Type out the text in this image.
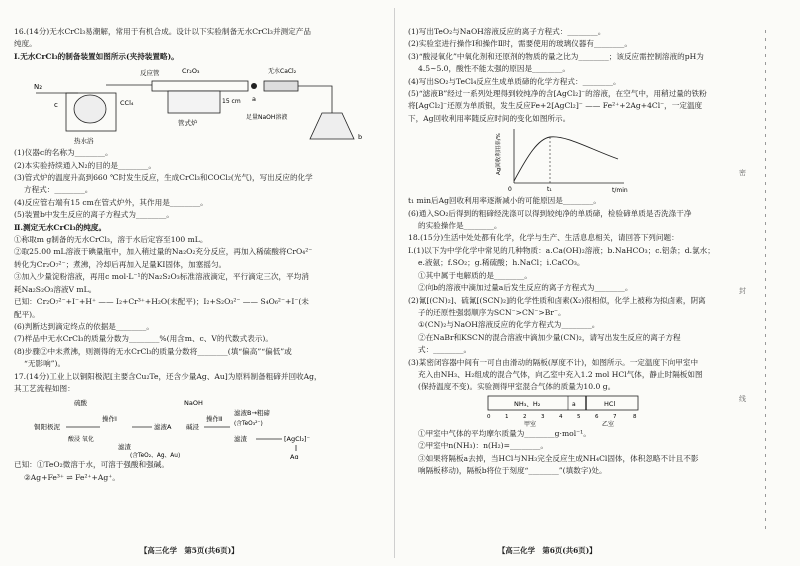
16.(14分)无水CrCl₃易潮解，常用于有机合成。设计以下实验制备无水CrCl₃并测定产品
纯度。
Ⅰ.无水CrCl₃的制备装置如图所示(夹持装置略)。
N₂
CCl₄
c
热水浴
反应管	Cr₂O₃
管式炉
15 cm a
无水CaCl₂
足量NaOH溶液
b
(1)仪器c的名称为________。
(2)本实验持续通入N₂的目的是________。
(3)管式炉的温度升高到660 ℃时发生反应，生成CrCl₃和COCl₂(光气)，写出反应的化学
方程式：________。
(4)反应管右端有15 cm在管式炉外，其作用是________。
(5)装置b中发生反应的离子方程式为________。
Ⅱ.测定无水CrCl₃的纯度。
①称取m g制备的无水CrCl₃，溶于水后定容至100 mL。
②取25.00 mL溶液于碘量瓶中，加入稍过量的Na₂O₂充分反应，再加入稀硫酸将CrO₄²⁻
转化为Cr₂O₇²⁻；煮沸，冷却后再加入足量KI固体，加塞摇匀。
③加入少量淀粉溶液，再用c mol·L⁻¹的Na₂S₂O₃标准溶液滴定，平行滴定三次，平均消
耗Na₂S₂O₃溶液V mL。
已知：Cr₂O₇²⁻+I⁻+H⁺ —— I₂+Cr³⁺+H₂O(未配平)；I₂+S₂O₃²⁻ —— S₄O₆²⁻+I⁻(未
配平)。
(6)判断达到滴定终点的依据是________。
(7)样品中无水CrCl₃的质量分数为________%(用含m、c、V的代数式表示)。
(8)步骤②中未煮沸，则测得的无水CrCl₃的质量分数将________(填“偏高”“偏低”或
“无影响”)。
17.(14分)工业上以铜阳极泥[主要含Cu₂Te，还含少量Ag、Au]为原料制备粗碲并回收Ag，
其工艺流程如图：
铜阳极泥
硫酸
酸浸 氧化
操作Ⅰ
滤液A
滤渣
(含TeO₂、Ag、Au)
NaOH
碱浸
操作Ⅱ
滤液B→粗碲
(含TeO₃²⁻)
滤渣	[AgCl₂]⁻
Ag
已知：①TeO₂微溶于水，可溶于强酸和强碱。
②Ag+Fe³⁺ ⇌ Fe²⁺+Ag⁺。
【高三化学　第5页(共6页)】
(1)写出TeO₂与NaOH溶液反应的离子方程式：________。
(2)实验室进行操作Ⅰ和操作Ⅱ时，需要使用的玻璃仪器有________。
(3)“酸浸氧化”中氧化剂和还原剂的物质的量之比为________；该反应需控制溶液的pH为
4.5~5.0，酸性不能太强的原因是________。
(4)写出SO₂与TeCl₄反应生成单质碲的化学方程式：________。
(5)“滤液B”经过一系列处理得到较纯净的含[AgCl₂]⁻的溶液，在空气中，用稍过量的铁粉
将[AgCl₂]⁻还原为单质银，发生反应Fe+2[AgCl₂]⁻ —— Fe²⁺+2Ag+4Cl⁻，一定温度
下，Ag回收利用率随反应时间的变化如图所示。
Ag回收利用率/%
t/min
0	t₁
t₁ min后Ag回收利用率逐渐减小的可能原因是________。
(6)通入SO₂后得到的粗碲经洗涤可以得到较纯净的单质碲，检验碲单质是否洗涤干净
的实验操作是________。
18.(15分)生活中处处都有化学，化学与生产、生活息息相关，请回答下列问题：
Ⅰ.(1)以下为中学化学中常见的几种物质：a.Ca(OH)₂溶液；b.NaHCO₃；c.铝条；d.氯水；
e.液氨；f.SO₂；g.稀硫酸；h.NaCl；i.CaCO₃。
①其中属于电解质的是________。
②向b的溶液中滴加过量a后发生反应的离子方程式为________。
(2)氰[(CN)₂]、硫氰[(SCN)₂]的化学性质和卤素(X₂)很相似，化学上被称为拟卤素，阴离
子的还原性强弱顺序为SCN⁻>CN⁻>Br⁻。
①(CN)₂与NaOH溶液反应的化学方程式为________。
②在NaBr和KSCN的混合溶液中滴加少量(CN)₂，请写出发生反应的离子方程
式：________。
(3)某密闭容器中间有一可自由滑动的隔板(厚度不计)，如图所示。一定温度下向甲室中
充入由NH₃、H₂组成的混合气体，向乙室中充入1.2 mol HCl气体，静止时隔板如图
(保持温度不变)。实验测得甲室混合气体的质量为10.0 g。
NH₃、H₂	HCl
a
0	1	2	3	4	5	6	7	8
甲室	乙室
①甲室中气体的平均摩尔质量为________g·mol⁻¹。
②甲室中n(NH₃)：n(H₂)=________。
③如果将隔板a去掉，当HCl与NH₃完全反应生成NH₄Cl固体，体积忽略不计且不影
响隔板移动)，隔板b将位于刻度“________”(填数字)处。
密
封
线
【高三化学　第6页(共6页)】
